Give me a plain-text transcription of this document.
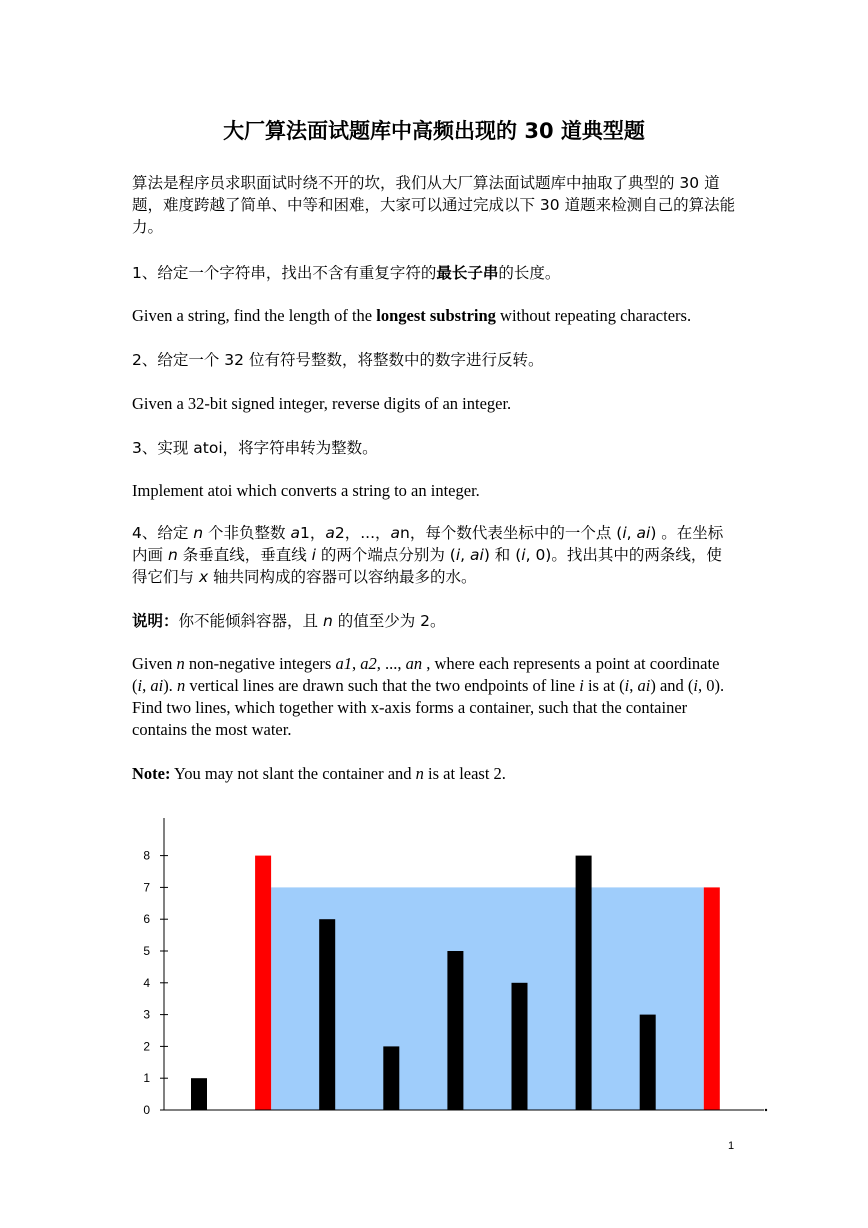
大厂算法面试题库中高频出现的 30 道典型题
算法是程序员求职面试时绕不开的坎，我们从大厂算法面试题库中抽取了典型的 30 道题，难度跨越了简单、中等和困难，大家可以通过完成以下 30 道题来检测自己的算法能力。
1、给定一个字符串，找出不含有重复字符的最长子串的长度。
Given a string, find the length of the longest substring without repeating characters.
2、给定一个 32 位有符号整数，将整数中的数字进行反转。
Given a 32-bit signed integer, reverse digits of an integer.
3、实现 atoi，将字符串转为整数。
Implement atoi which converts a string to an integer.
4、给定 n 个非负整数 a1，a2，...，an，每个数代表坐标中的一个点 (i, ai) 。在坐标内画 n 条垂直线，垂直线 i 的两个端点分别为 (i, ai) 和 (i, 0)。找出其中的两条线，使得它们与 x 轴共同构成的容器可以容纳最多的水。
说明：你不能倾斜容器，且 n 的值至少为 2。
Given n non-negative integers a1, a2, ..., an , where each represents a point at coordinate (i, ai). n vertical lines are drawn such that the two endpoints of line i is at (i, ai) and (i, 0). Find two lines, which together with x-axis forms a container, such that the container contains the most water.
Note: You may not slant the container and n is at least 2.
0
1
2
3
4
5
6
7
8
1
